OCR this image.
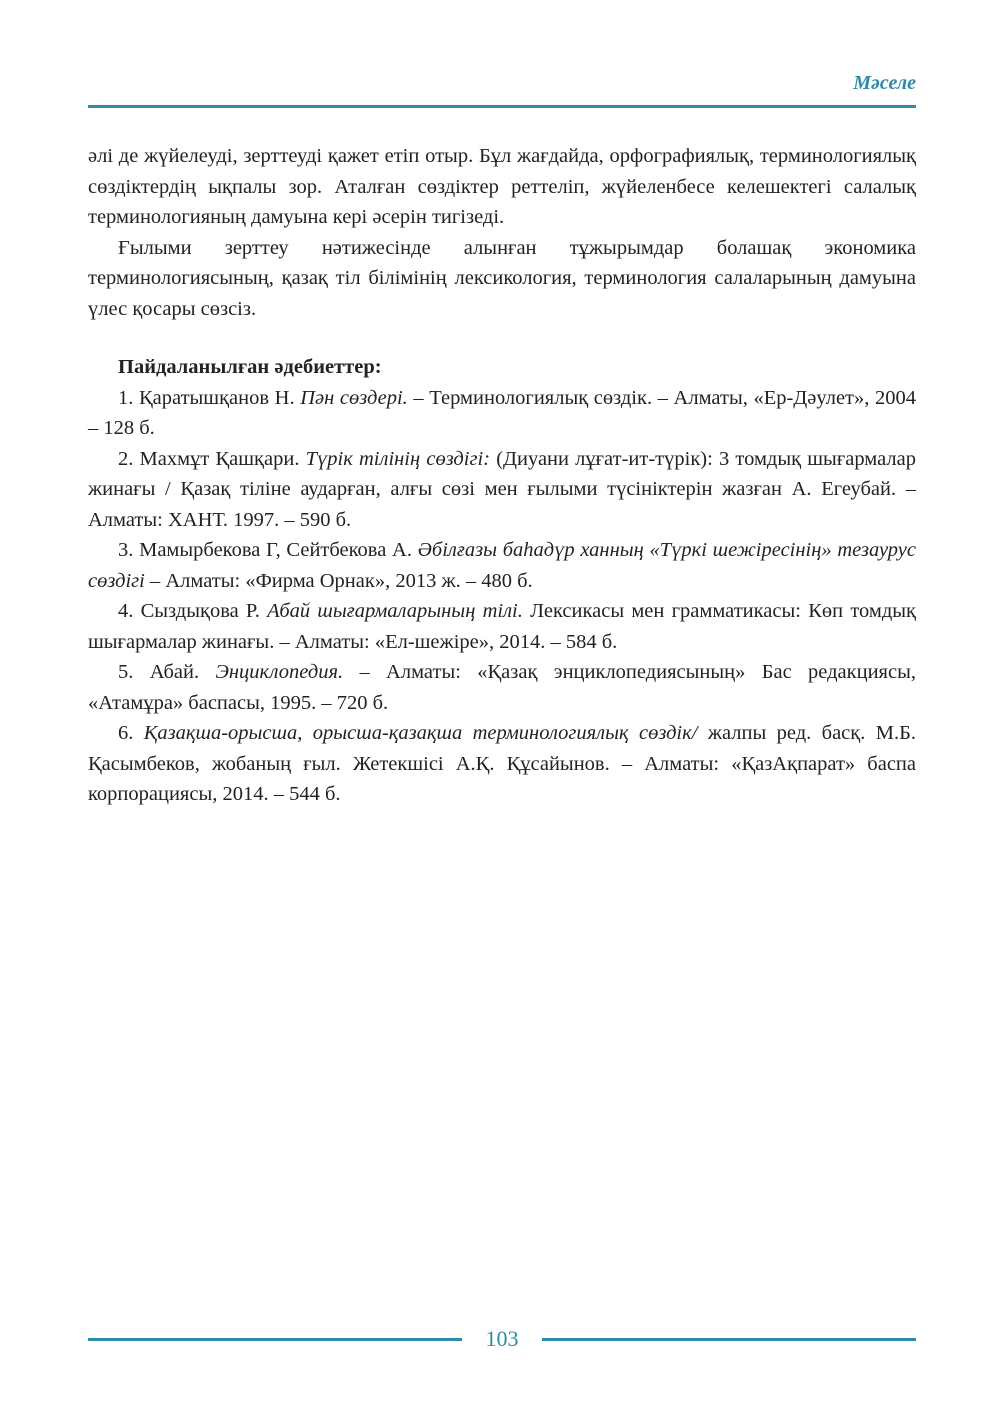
Мәселе

әлі де жүйелеуді, зерттеуді қажет етіп отыр. Бұл жағдайда, орфографиялық, терминологиялық сөздіктердің ықпалы зор. Аталған сөздіктер реттеліп, жүйеленбесе келешектегі салалық терминологияның дамуына кері әсерін тигізеді.

Ғылыми зерттеу нәтижесінде алынған тұжырымдар болашақ экономика терминологиясының, қазақ тіл білімінің лексикология, терминология салаларының дамуына үлес қосары сөзсіз.

Пайдаланылған әдебиеттер:

1. Қаратышқанов Н. Пән сөздері. – Терминологиялық сөздік. – Алматы, «Ер-Дәулет», 2004 – 128 б.

2. Махмұт Қашқари. Түрік тілінің сөздігі: (Диуани лұғат-ит-түрік): 3 томдық шығармалар жинағы / Қазақ тіліне аударған, алғы сөзі мен ғылыми түсініктерін жазған А. Егеубай. – Алматы: ХАНТ. 1997. – 590 б.

3. Мамырбекова Г, Сейтбекова А. Әбілғазы баһадүр ханның «Түркі шежіресінің» тезаурус сөздігі – Алматы: «Фирма Орнак», 2013 ж. – 480 б.

4. Сыздықова Р. Абай шығармаларының тілі. Лексикасы мен грамматикасы: Көп томдық шығармалар жинағы. – Алматы: «Ел-шежіре», 2014. – 584 б.

5. Абай. Энциклопедия. – Алматы: «Қазақ энциклопедиясының» Бас редакциясы, «Атамұра» баспасы, 1995. – 720 б.

6. Қазақша-орысша, орысша-қазақша терминологиялық сөздік/ жалпы ред. басқ. М.Б. Қасымбеков, жобаның ғыл. Жетекшісі А.Қ. Құсайынов. – Алматы: «ҚазАқпарат» баспа корпорациясы, 2014. – 544 б.

103
